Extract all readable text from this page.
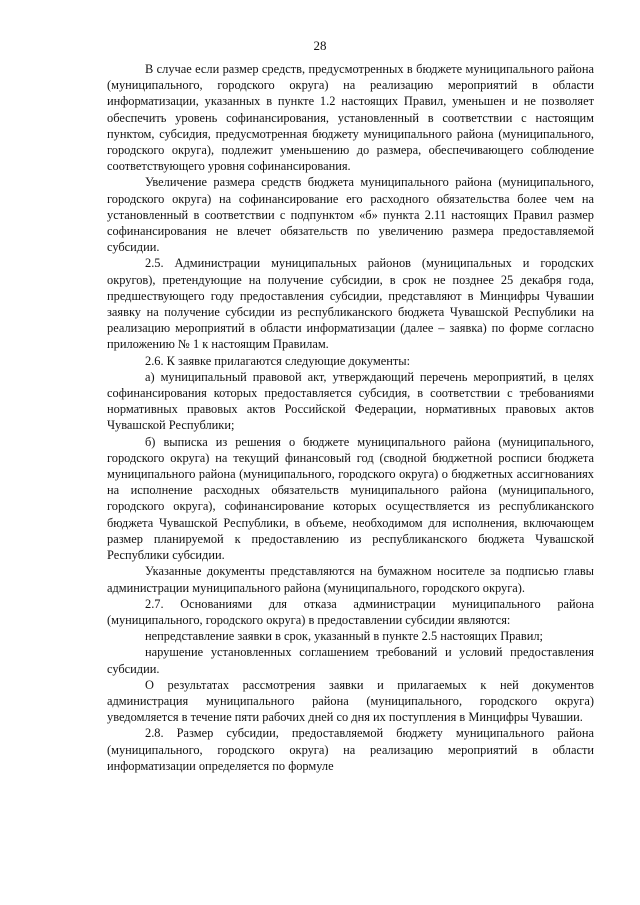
28

В случае если размер средств, предусмотренных в бюджете муниципального района (муниципального, городского округа) на реализацию мероприятий в области информатизации, указанных в пункте 1.2 настоящих Правил, уменьшен и не позволяет обеспечить уровень софинансирования, установленный в соответствии с настоящим пунктом, субсидия, предусмотренная бюджету муниципального района (муниципального, городского округа), подлежит уменьшению до размера, обеспечивающего соблюдение соответствующего уровня софинансирования.

Увеличение размера средств бюджета муниципального района (муниципального, городского округа) на софинансирование его расходного обязательства более чем на установленный в соответствии с подпунктом «б» пункта 2.11 настоящих Правил размер софинансирования не влечет обязательств по увеличению размера предоставляемой субсидии.

2.5. Администрации муниципальных районов (муниципальных и городских округов), претендующие на получение субсидии, в срок не позднее 25 декабря года, предшествующего году предоставления субсидии, представляют в Минцифры Чувашии заявку на получение субсидии из республиканского бюджета Чувашской Республики на реализацию мероприятий в области информатизации (далее – заявка) по форме согласно приложению № 1 к настоящим Правилам.

2.6. К заявке прилагаются следующие документы:

а) муниципальный правовой акт, утверждающий перечень мероприятий, в целях софинансирования которых предоставляется субсидия, в соответствии с требованиями нормативных правовых актов Российской Федерации, нормативных правовых актов Чувашской Республики;

б) выписка из решения о бюджете муниципального района (муниципального, городского округа) на текущий финансовый год (сводной бюджетной росписи бюджета муниципального района (муниципального, городского округа) о бюджетных ассигнованиях на исполнение расходных обязательств муниципального района (муниципального, городского округа), софинансирование которых осуществляется из республиканского бюджета Чувашской Республики, в объеме, необходимом для исполнения, включающем размер планируемой к предоставлению из республиканского бюджета Чувашской Республики субсидии.

Указанные документы представляются на бумажном носителе за подписью главы администрации муниципального района (муниципального, городского округа).

2.7. Основаниями для отказа администрации муниципального района (муниципального, городского округа) в предоставлении субсидии являются:

непредставление заявки в срок, указанный в пункте 2.5 настоящих Правил;

нарушение установленных соглашением требований и условий предоставления субсидии.

О результатах рассмотрения заявки и прилагаемых к ней документов администрация муниципального района (муниципального, городского округа) уведомляется в течение пяти рабочих дней со дня их поступления в Минцифры Чувашии.

2.8. Размер субсидии, предоставляемой бюджету муниципального района (муниципального, городского округа) на реализацию мероприятий в области информатизации определяется по формуле
